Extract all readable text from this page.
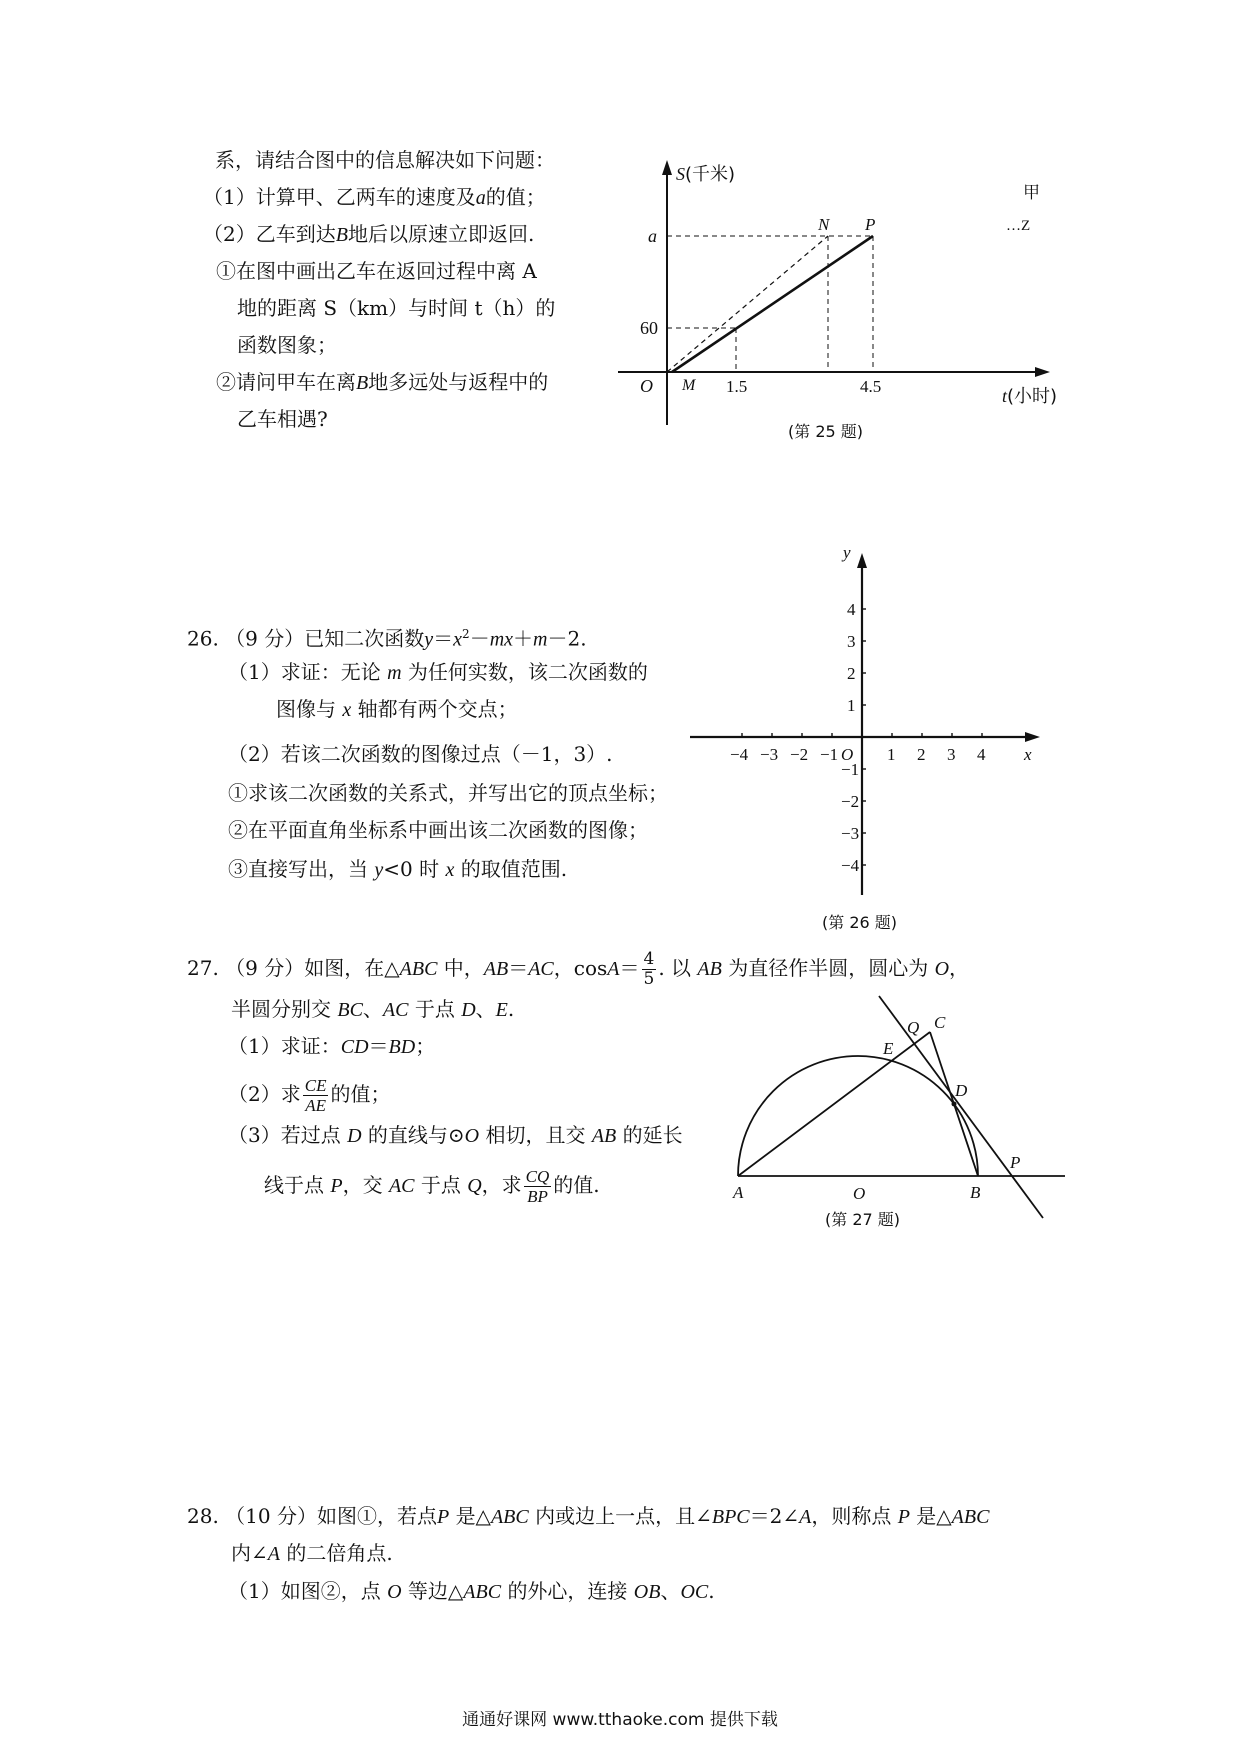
系，请结合图中的信息解决如下问题：
（1）计算甲、乙两车的速度及a的值；
（2）乙车到达B地后以原速立即返回.
①在图中画出乙车在返回过程中离 A
地的距离 S（km）与时间 t（h）的
函数图象；
②请问甲车在离B地多远处与返程中的
乙车相遇?
S(千米)
t(小时)
O
a
60
M
N P
1.5	4.5
甲
…Z
(第 25 题)
26. （9 分）已知二次函数$y=x^2-mx+m-2$.
（1）求证：无论 m 为任何实数，该二次函数的
图像与 x 轴都有两个交点；
（2）若该二次函数的图像过点（－1，3）.
①求该二次函数的关系式，并写出它的顶点坐标；
②在平面直角坐标系中画出该二次函数的图像；
③直接写出，当 y<0 时 x 的取值范围.
−4 −3 −2 −1	1 2 3 4
4
3
2
1
−1
−2
−3
−4
x
y
O
(第 26 题)
27. （9 分）如图，在△ABC 中，AB＝AC，$\cos A= \frac{4}{5}$ . 以 AB 为直径作半圆，圆心为 O，
半圆分别交 BC、AC 于点 D、E.
（1）求证：CD＝BD；
（2）求 $\frac{CE}{AE}$ 的值；
（3）若过点 D 的直线与⊙O 相切，且交 AB 的延长
线于点 P，交 AC 于点 Q，求 $\frac{CQ}{BP}$ 的值.	A	O	B
P
C
Q
E
D
(第 27 题)
28. （10 分）如图①，若点P 是△ABC 内或边上一点，且∠BPC＝2∠A，则称点 P 是△ABC
内∠A 的二倍角点.
（1）如图②，点 O 等边△ABC 的外心，连接 OB、OC.
通通好课网 www.tthaoke.com 提供下载
